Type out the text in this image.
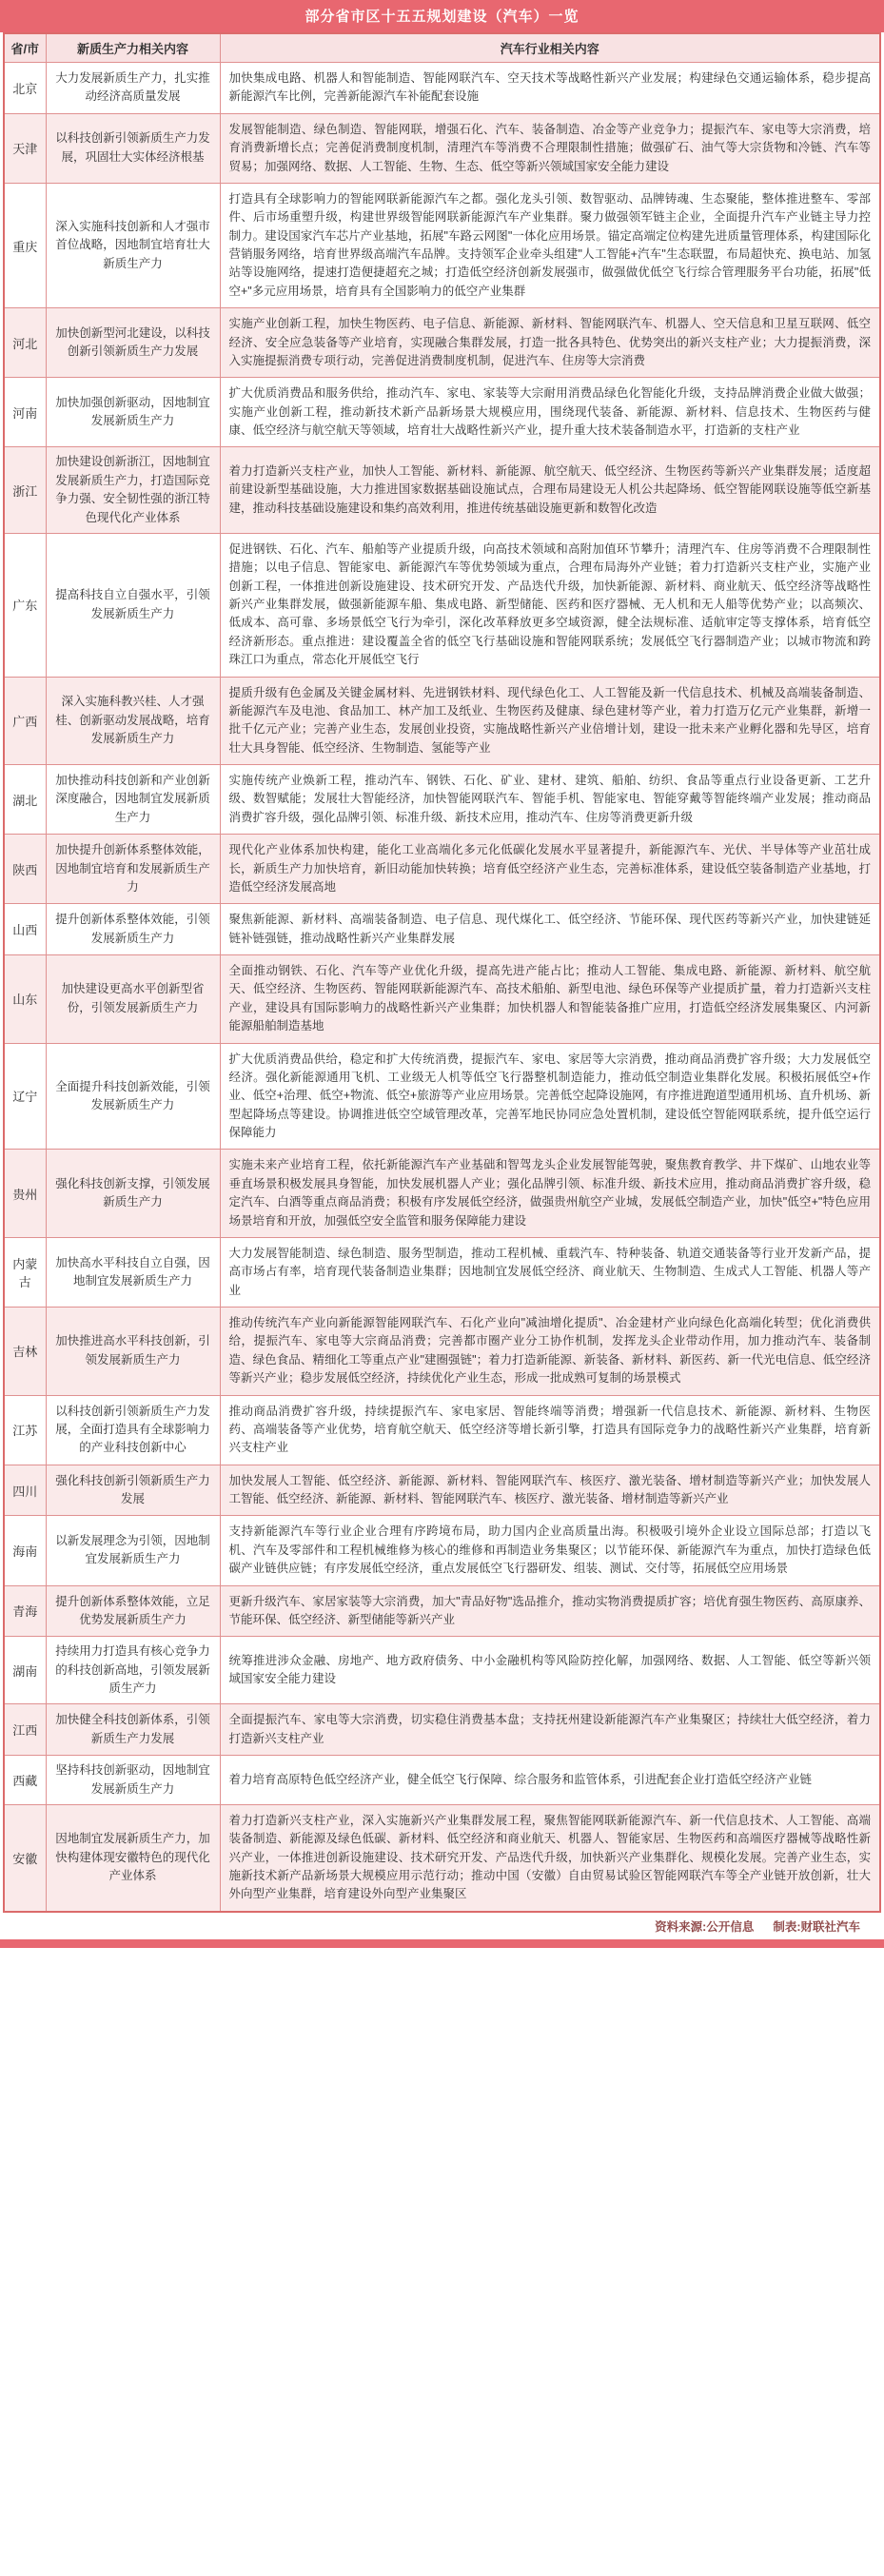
部分省市区十五五规划建设（汽车）一览
省/市	新质生产力相关内容	汽车行业相关内容
北京	大力发展新质生产力，扎实推动经济高质量发展	加快集成电路、机器人和智能制造、智能网联汽车、空天技术等战略性新兴产业发展；构建绿色交通运输体系，稳步提高新能源汽车比例，完善新能源汽车补能配套设施
天津	以科技创新引领新质生产力发展，巩固壮大实体经济根基	发展智能制造、绿色制造、智能网联，增强石化、汽车、装备制造、冶金等产业竞争力；提振汽车、家电等大宗消费，培育消费新增长点；完善促消费制度机制，清理汽车等消费不合理限制性措施；做强矿石、油气等大宗货物和冷链、汽车等贸易；加强网络、数据、人工智能、生物、生态、低空等新兴领域国家安全能力建设
重庆	深入实施科技创新和人才强市首位战略，因地制宜培育壮大新质生产力	打造具有全球影响力的智能网联新能源汽车之都。强化龙头引领、数智驱动、品牌铸魂、生态聚能，整体推进整车、零部件、后市场重塑升级，构建世界级智能网联新能源汽车产业集群。聚力做强领军链主企业，全面提升汽车产业链主导力控制力。建设国家汽车芯片产业基地，拓展"车路云网图"一体化应用场景。锚定高端定位构建先进质量管理体系，构建国际化营销服务网络，培育世界级高端汽车品牌。支持领军企业牵头组建"人工智能+汽车"生态联盟，布局超快充、换电站、加氢站等设施网络，提速打造便捷超充之城；打造低空经济创新发展强市，做强做优低空飞行综合管理服务平台功能，拓展"低空+"多元应用场景，培育具有全国影响力的低空产业集群
河北	加快创新型河北建设，以科技创新引领新质生产力发展	实施产业创新工程，加快生物医药、电子信息、新能源、新材料、智能网联汽车、机器人、空天信息和卫星互联网、低空经济、安全应急装备等产业培育，实现融合集群发展，打造一批各具特色、优势突出的新兴支柱产业；大力提振消费，深入实施提振消费专项行动，完善促进消费制度机制，促进汽车、住房等大宗消费
河南	加快加强创新驱动，因地制宜发展新质生产力	扩大优质消费品和服务供给，推动汽车、家电、家装等大宗耐用消费品绿色化智能化升级，支持品牌消费企业做大做强；实施产业创新工程，推动新技术新产品新场景大规模应用，围绕现代装备、新能源、新材料、信息技术、生物医药与健康、低空经济与航空航天等领域，培育壮大战略性新兴产业，提升重大技术装备制造水平，打造新的支柱产业
浙江	加快建设创新浙江，因地制宜发展新质生产力，打造国际竞争力强、安全韧性强的浙江特色现代化产业体系	着力打造新兴支柱产业，加快人工智能、新材料、新能源、航空航天、低空经济、生物医药等新兴产业集群发展；适度超前建设新型基础设施，大力推进国家数据基础设施试点，合理布局建设无人机公共起降场、低空智能网联设施等低空新基建，推动科技基础设施建设和集约高效利用，推进传统基础设施更新和数智化改造
广东	提高科技自立自强水平，引领发展新质生产力	促进钢铁、石化、汽车、船舶等产业提质升级，向高技术领域和高附加值环节攀升；清理汽车、住房等消费不合理限制性措施；以电子信息、智能家电、新能源汽车等优势领域为重点，合理布局海外产业链；着力打造新兴支柱产业，实施产业创新工程，一体推进创新设施建设、技术研究开发、产品迭代升级，加快新能源、新材料、商业航天、低空经济等战略性新兴产业集群发展，做强新能源车船、集成电路、新型储能、医药和医疗器械、无人机和无人船等优势产业；以高频次、低成本、高可靠、多场景低空飞行为牵引，深化改革释放更多空域资源，健全法规标准、适航审定等支撑体系，培育低空经济新形态。重点推进：建设覆盖全省的低空飞行基础设施和智能网联系统；发展低空飞行器制造产业；以城市物流和跨珠江口为重点，常态化开展低空飞行
广西	深入实施科教兴桂、人才强桂、创新驱动发展战略，培育发展新质生产力	提质升级有色金属及关键金属材料、先进钢铁材料、现代绿色化工、人工智能及新一代信息技术、机械及高端装备制造、新能源汽车及电池、食品加工、林产加工及纸业、生物医药及健康、绿色建材等产业，着力打造万亿元产业集群，新增一批千亿元产业；完善产业生态，发展创业投资，实施战略性新兴产业倍增计划，建设一批未来产业孵化器和先导区，培育壮大具身智能、低空经济、生物制造、氢能等产业
湖北	加快推动科技创新和产业创新深度融合，因地制宜发展新质生产力	实施传统产业焕新工程，推动汽车、钢铁、石化、矿业、建材、建筑、船舶、纺织、食品等重点行业设备更新、工艺升级、数智赋能；发展壮大智能经济，加快智能网联汽车、智能手机、智能家电、智能穿戴等智能终端产业发展；推动商品消费扩容升级，强化品牌引领、标准升级、新技术应用，推动汽车、住房等消费更新升级
陕西	加快提升创新体系整体效能，因地制宜培育和发展新质生产力	现代化产业体系加快构建，能化工业高端化多元化低碳化发展水平显著提升，新能源汽车、光伏、半导体等产业茁壮成长，新质生产力加快培育，新旧动能加快转换；培育低空经济产业生态，完善标准体系，建设低空装备制造产业基地，打造低空经济发展高地
山西	提升创新体系整体效能，引领发展新质生产力	聚焦新能源、新材料、高端装备制造、电子信息、现代煤化工、低空经济、节能环保、现代医药等新兴产业，加快建链延链补链强链，推动战略性新兴产业集群发展
山东	加快建设更高水平创新型省份，引领发展新质生产力	全面推动钢铁、石化、汽车等产业优化升级，提高先进产能占比；推动人工智能、集成电路、新能源、新材料、航空航天、低空经济、生物医药、智能网联新能源汽车、高技术船舶、新型电池、绿色环保等产业提质扩量，着力打造新兴支柱产业，建设具有国际影响力的战略性新兴产业集群；加快机器人和智能装备推广应用，打造低空经济发展集聚区、内河新能源船舶制造基地
辽宁	全面提升科技创新效能，引领发展新质生产力	扩大优质消费品供给，稳定和扩大传统消费，提振汽车、家电、家居等大宗消费，推动商品消费扩容升级；大力发展低空经济。强化新能源通用飞机、工业级无人机等低空飞行器整机制造能力，推动低空制造业集群化发展。积极拓展低空+作业、低空+治理、低空+物流、低空+旅游等产业应用场景。完善低空起降设施网，有序推进跑道型通用机场、直升机场、新型起降场点等建设。协调推进低空空域管理改革，完善军地民协同应急处置机制，建设低空智能网联系统，提升低空运行保障能力
贵州	强化科技创新支撑，引领发展新质生产力	实施未来产业培育工程，依托新能源汽车产业基础和智驾龙头企业发展智能驾驶，聚焦教育教学、井下煤矿、山地农业等垂直场景积极发展具身智能，加快发展机器人产业；强化品牌引领、标准升级、新技术应用，推动商品消费扩容升级，稳定汽车、白酒等重点商品消费；积极有序发展低空经济，做强贵州航空产业城，发展低空制造产业，加快"低空+"特色应用场景培育和开放，加强低空安全监管和服务保障能力建设
内蒙古	加快高水平科技自立自强，因地制宜发展新质生产力	大力发展智能制造、绿色制造、服务型制造，推动工程机械、重载汽车、特种装备、轨道交通装备等行业开发新产品，提高市场占有率，培育现代装备制造业集群；因地制宜发展低空经济、商业航天、生物制造、生成式人工智能、机器人等产业
吉林	加快推进高水平科技创新，引领发展新质生产力	推动传统汽车产业向新能源智能网联汽车、石化产业向"减油增化提质"、冶金建材产业向绿色化高端化转型；优化消费供给，提振汽车、家电等大宗商品消费；完善都市圈产业分工协作机制，发挥龙头企业带动作用，加力推动汽车、装备制造、绿色食品、精细化工等重点产业"建圈强链"；着力打造新能源、新装备、新材料、新医药、新一代光电信息、低空经济等新兴产业；稳步发展低空经济，持续优化产业生态，形成一批成熟可复制的场景模式
江苏	以科技创新引领新质生产力发展，全面打造具有全球影响力的产业科技创新中心	推动商品消费扩容升级，持续提振汽车、家电家居、智能终端等消费；增强新一代信息技术、新能源、新材料、生物医药、高端装备等产业优势，培育航空航天、低空经济等增长新引擎，打造具有国际竞争力的战略性新兴产业集群，培育新兴支柱产业
四川	强化科技创新引领新质生产力发展	加快发展人工智能、低空经济、新能源、新材料、智能网联汽车、核医疗、激光装备、增材制造等新兴产业；加快发展人工智能、低空经济、新能源、新材料、智能网联汽车、核医疗、激光装备、增材制造等新兴产业
海南	以新发展理念为引领，因地制宜发展新质生产力	支持新能源汽车等行业企业合理有序跨境布局，助力国内企业高质量出海。积极吸引境外企业设立国际总部；打造以飞机、汽车及零部件和工程机械维修为核心的维修和再制造业务集聚区；以节能环保、新能源汽车为重点，加快打造绿色低碳产业链供应链；有序发展低空经济，重点发展低空飞行器研发、组装、测试、交付等，拓展低空应用场景
青海	提升创新体系整体效能，立足优势发展新质生产力	更新升级汽车、家居家装等大宗消费，加大"青品好物"选品推介，推动实物消费提质扩容；培优育强生物医药、高原康养、节能环保、低空经济、新型储能等新兴产业
湖南	持续用力打造具有核心竞争力的科技创新高地，引领发展新质生产力	统筹推进涉众金融、房地产、地方政府债务、中小金融机构等风险防控化解，加强网络、数据、人工智能、低空等新兴领域国家安全能力建设
江西	加快健全科技创新体系，引领新质生产力发展	全面提振汽车、家电等大宗消费，切实稳住消费基本盘；支持抚州建设新能源汽车产业集聚区；持续壮大低空经济，着力打造新兴支柱产业
西藏	坚持科技创新驱动，因地制宜发展新质生产力	着力培育高原特色低空经济产业，健全低空飞行保障、综合服务和监管体系，引进配套企业打造低空经济产业链
安徽	因地制宜发展新质生产力，加快构建体现安徽特色的现代化产业体系	着力打造新兴支柱产业，深入实施新兴产业集群发展工程，聚焦智能网联新能源汽车、新一代信息技术、人工智能、高端装备制造、新能源及绿色低碳、新材料、低空经济和商业航天、机器人、智能家居、生物医药和高端医疗器械等战略性新兴产业，一体推进创新设施建设、技术研究开发、产品迭代升级，加快新兴产业集群化、规模化发展。完善产业生态，实施新技术新产品新场景大规模应用示范行动；推动中国（安徽）自由贸易试验区智能网联汽车等全产业链开放创新，壮大外向型产业集群，培育建设外向型产业集聚区
资料来源:公开信息 制表:财联社汽车
